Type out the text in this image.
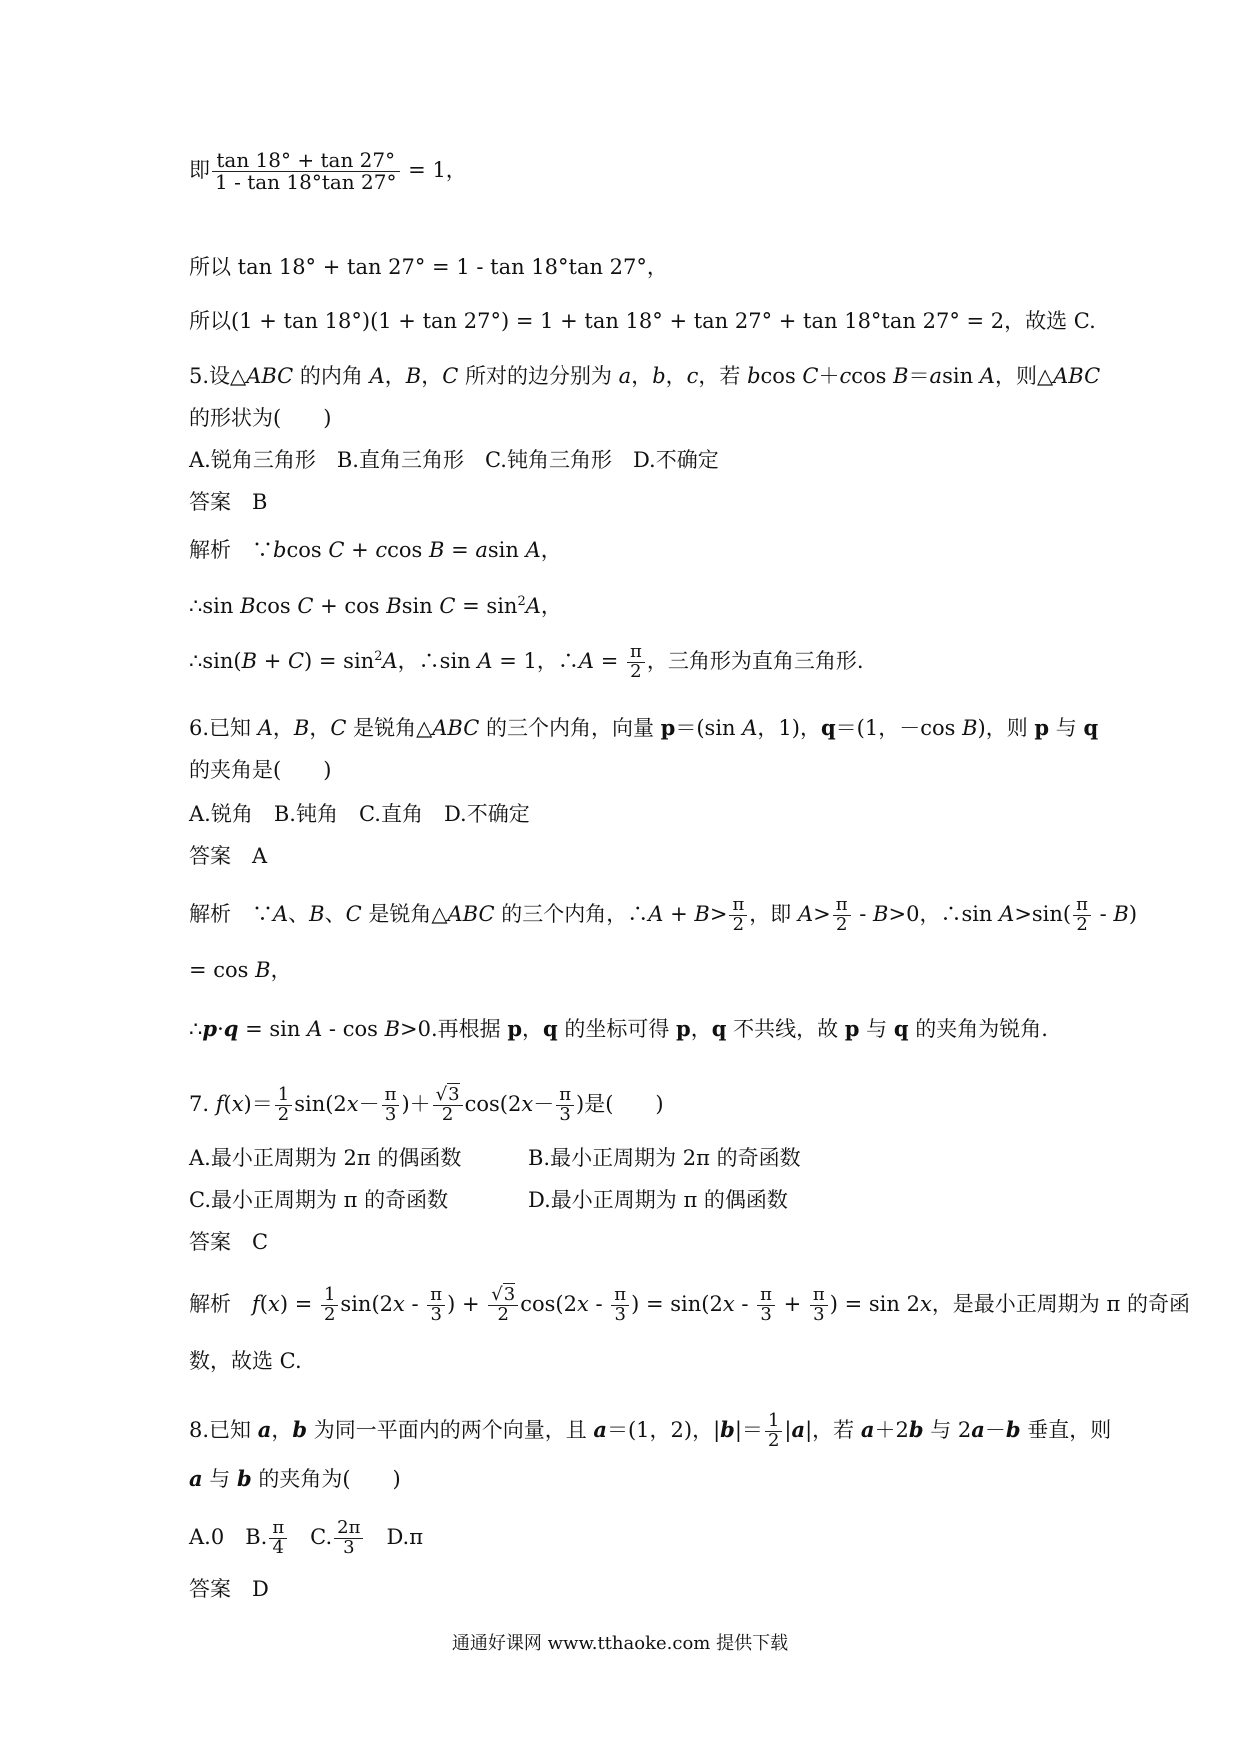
即 $\frac{\tan 18^\circ + \tan 27^\circ}{1 - \tan 18^\circ\tan 27^\circ} = 1$，
所以 tan 18° + tan 27° = 1 - tan 18°tan 27°，
所以(1 + tan 18°)(1 + tan 27°) = 1 + tan 18° + tan 27° + tan 18°tan 27° = 2，故选 C.
5.设△ABC 的内角 A，B，C 所对的边分别为 a，b，c，若 bcos C＋ccos B＝asin A，则△ABC
的形状为(　　)
A.锐角三角形　B.直角三角形　C.钝角三角形　D.不确定
答案　 B
解析　 ∵bcos C + ccos B = asin A，
∴sin Bcos C + cos Bsin $C = \sin^2A$，
∴sin(B + $C) = \sin^2A$，∴sin A = 1，∴A = $\frac{\pi}{2}$ ，三角形为直角三角形.
6.已知 A，B，C 是锐角△ABC 的三个内角，向量 p＝(sin A，1)，q＝(1，－cos B)，则 p 与 q
的夹角是(　　)
A.锐角　B.钝角　C.直角　D.不确定
答案　 A
解析　 ∵A、B、C 是锐角△ABC 的三个内角，∴A + $B> \frac{\pi}{2}$ ，即 $A> \frac{\pi}{2} - B>0$，∴sin $A>\sin( \frac{\pi}{2} - B)$
= cos B，
∴p·q = sin A - cos B>0.再根据 p，q 的坐标可得 p，q 不共线，故 p 与 q 的夹角为锐角.
7. $f(x)= \frac{1}{2} \sin(2x- \frac{\pi}{3}$ )＋ $\frac{√3}{2} \cos(2x- \frac{\pi}{3}$ )是(　　)
A.最小正周期为 2π 的偶函数	B.最小正周期为 2π 的奇函数
C.最小正周期为 π 的奇函数	D.最小正周期为 π 的偶函数
答案　 C
解析　 $f(x) = \frac{1}{2} \sin(2x - \frac{\pi}{3}$ ) + $\frac{√3}{2} \cos(2x - \frac{\pi}{3}$ ) = $\sin(2x - \frac{\pi}{3} + \frac{\pi}{3}$ ) = sin 2x，是最小正周期为 π 的奇函
数，故选 C.
8.已知 a，b 为同一平面内的两个向量，且 a＝(1，2)，$|b|= \frac{1}{2} |a|$，若 a＋2b 与 2a－b 垂直，则
a 与 b 的夹角为(　　)
A.0　B. $\frac{\pi}{4}$ 　C. $\frac{2\pi}{3}$ 　D.π
答案　 D
通通好课网 www.tthaoke.com 提供下载
